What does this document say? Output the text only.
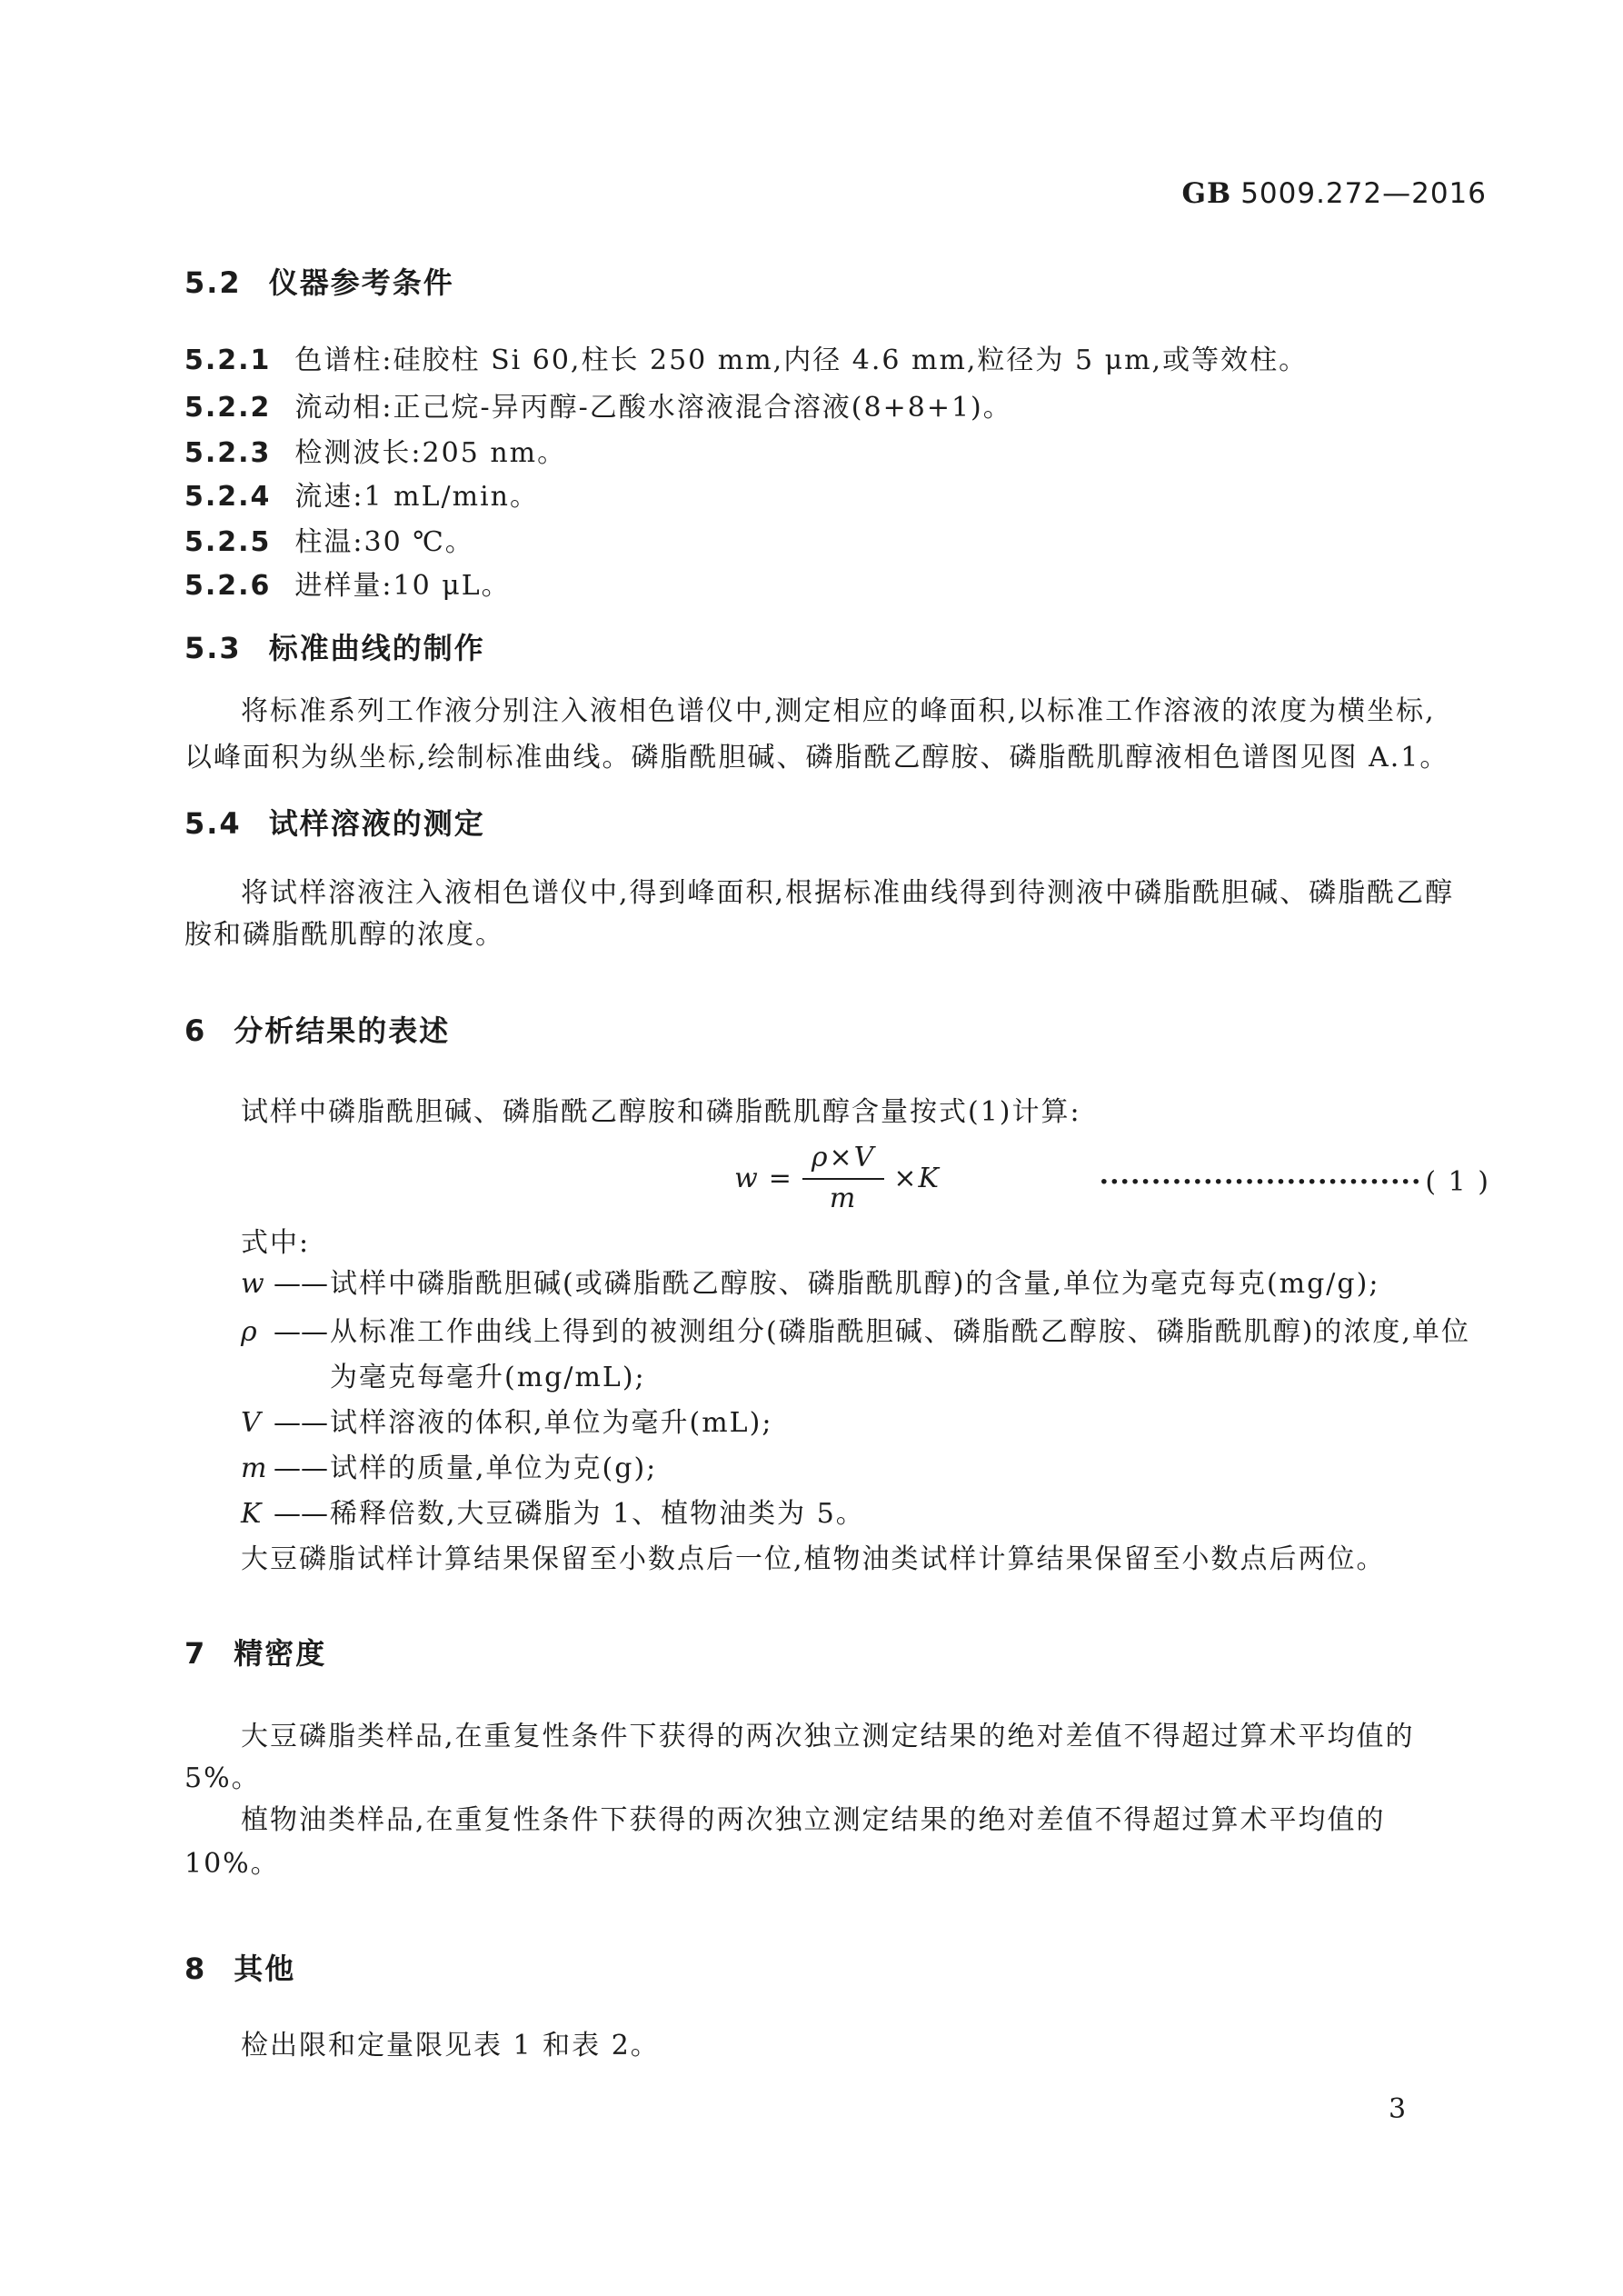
GB 5009.272—2016
5.2 仪器参考条件
5.2.1 色谱柱:硅胶柱 Si 60,柱长 250 mm,内径 4.6 mm,粒径为 5 μm,或等效柱。
5.2.2 流动相:正己烷-异丙醇-乙酸水溶液混合溶液(8+8+1)。
5.2.3 检测波长:205 nm。
5.2.4 流速:1 mL/min。
5.2.5 柱温:30 ℃。
5.2.6 进样量:10 μL。
5.3 标准曲线的制作
将标准系列工作液分别注入液相色谱仪中,测定相应的峰面积,以标准工作溶液的浓度为横坐标,
以峰面积为纵坐标,绘制标准曲线。磷脂酰胆碱、磷脂酰乙醇胺、磷脂酰肌醇液相色谱图见图 A.1。
5.4 试样溶液的测定
将试样溶液注入液相色谱仪中,得到峰面积,根据标准曲线得到待测液中磷脂酰胆碱、磷脂酰乙醇
胺和磷脂酰肌醇的浓度。
6 分析结果的表述
试样中磷脂酰胆碱、磷脂酰乙醇胺和磷脂酰肌醇含量按式(1)计算:
$w = \frac{\rho\times V}{m} \times K$	······························· ( 1 )
式中:
w ——试样中磷脂酰胆碱(或磷脂酰乙醇胺、磷脂酰肌醇)的含量,单位为毫克每克(mg/g);
ρ ——从标准工作曲线上得到的被测组分(磷脂酰胆碱、磷脂酰乙醇胺、磷脂酰肌醇)的浓度,单位
为毫克每毫升(mg/mL);
V ——试样溶液的体积,单位为毫升(mL);
m ——试样的质量,单位为克(g);
K ——稀释倍数,大豆磷脂为 1、植物油类为 5。
大豆磷脂试样计算结果保留至小数点后一位,植物油类试样计算结果保留至小数点后两位。
7 精密度
大豆磷脂类样品,在重复性条件下获得的两次独立测定结果的绝对差值不得超过算术平均值的
5%。
植物油类样品,在重复性条件下获得的两次独立测定结果的绝对差值不得超过算术平均值的
10%。
8 其他
检出限和定量限见表 1 和表 2。
3
